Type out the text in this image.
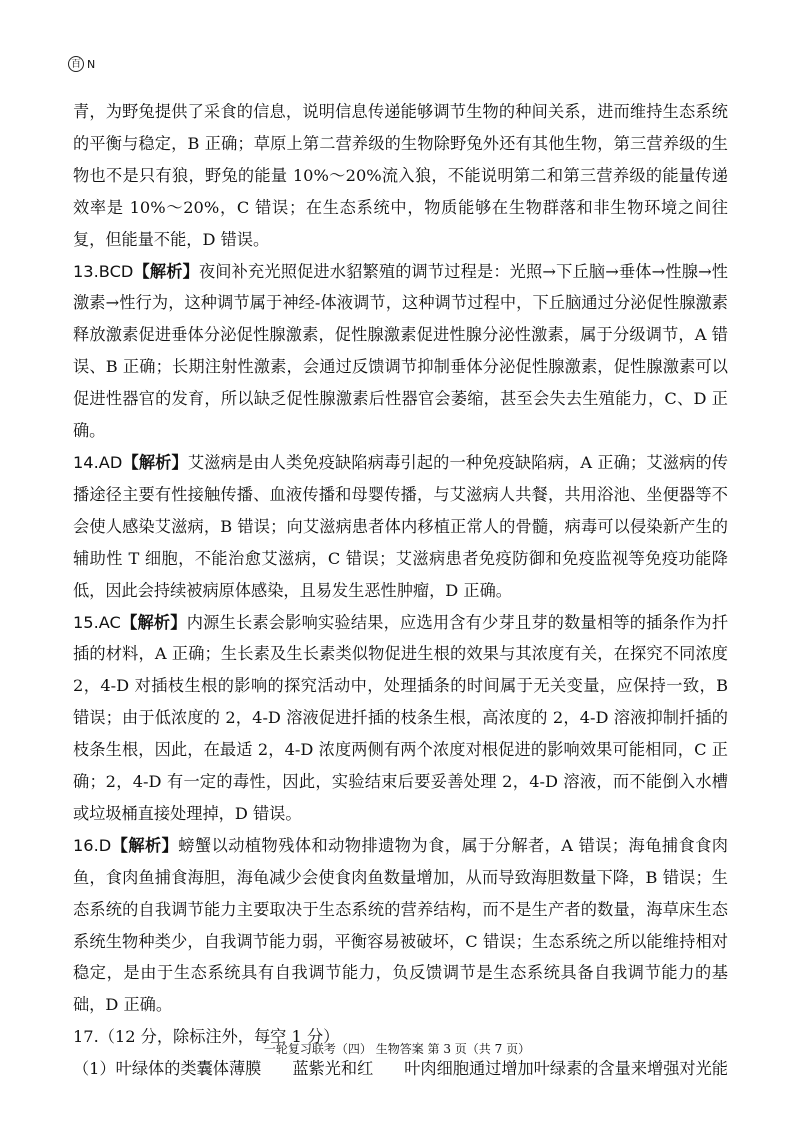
百 N

青，为野兔提供了采食的信息，说明信息传递能够调节生物的种间关系，进而维持生态系统的平衡与稳定，B 正确；草原上第二营养级的生物除野兔外还有其他生物，第三营养级的生物也不是只有狼，野兔的能量 10%～20%流入狼，不能说明第二和第三营养级的能量传递效率是 10%～20%，C 错误；在生态系统中，物质能够在生物群落和非生物环境之间往复，但能量不能，D 错误。

13.BCD【解析】夜间补充光照促进水貂繁殖的调节过程是：光照→下丘脑→垂体→性腺→性激素→性行为，这种调节属于神经-体液调节，这种调节过程中，下丘脑通过分泌促性腺激素释放激素促进垂体分泌促性腺激素，促性腺激素促进性腺分泌性激素，属于分级调节，A 错误、B 正确；长期注射性激素，会通过反馈调节抑制垂体分泌促性腺激素，促性腺激素可以促进性器官的发育，所以缺乏促性腺激素后性器官会萎缩，甚至会失去生殖能力，C、D 正确。

14.AD【解析】艾滋病是由人类免疫缺陷病毒引起的一种免疫缺陷病，A 正确；艾滋病的传播途径主要有性接触传播、血液传播和母婴传播，与艾滋病人共餐，共用浴池、坐便器等不会使人感染艾滋病，B 错误；向艾滋病患者体内移植正常人的骨髓，病毒可以侵染新产生的辅助性 T 细胞，不能治愈艾滋病，C 错误；艾滋病患者免疫防御和免疫监视等免疫功能降低，因此会持续被病原体感染，且易发生恶性肿瘤，D 正确。

15.AC【解析】内源生长素会影响实验结果，应选用含有少芽且芽的数量相等的插条作为扦插的材料，A 正确；生长素及生长素类似物促进生根的效果与其浓度有关，在探究不同浓度 2，4-D 对插枝生根的影响的探究活动中，处理插条的时间属于无关变量，应保持一致，B 错误；由于低浓度的 2，4-D 溶液促进扦插的枝条生根，高浓度的 2，4-D 溶液抑制扦插的枝条生根，因此，在最适 2，4-D 浓度两侧有两个浓度对根促进的影响效果可能相同，C 正确；2，4-D 有一定的毒性，因此，实验结束后要妥善处理 2，4-D 溶液，而不能倒入水槽或垃圾桶直接处理掉，D 错误。

16.D【解析】螃蟹以动植物残体和动物排遗物为食，属于分解者，A 错误；海龟捕食食肉鱼，食肉鱼捕食海胆，海龟减少会使食肉鱼数量增加，从而导致海胆数量下降，B 错误；生态系统的自我调节能力主要取决于生态系统的营养结构，而不是生产者的数量，海草床生态系统生物种类少，自我调节能力弱，平衡容易被破坏，C 错误；生态系统之所以能维持相对稳定，是由于生态系统具有自我调节能力，负反馈调节是生态系统具备自我调节能力的基础，D 正确。

17.（12 分，除标注外，每空 1 分）

（1）叶绿体的类囊体薄膜 蓝紫光和红 叶肉细胞通过增加叶绿素的含量来增强对光能

一轮复习联考（四） 生物答案 第 3 页（共 7 页）
